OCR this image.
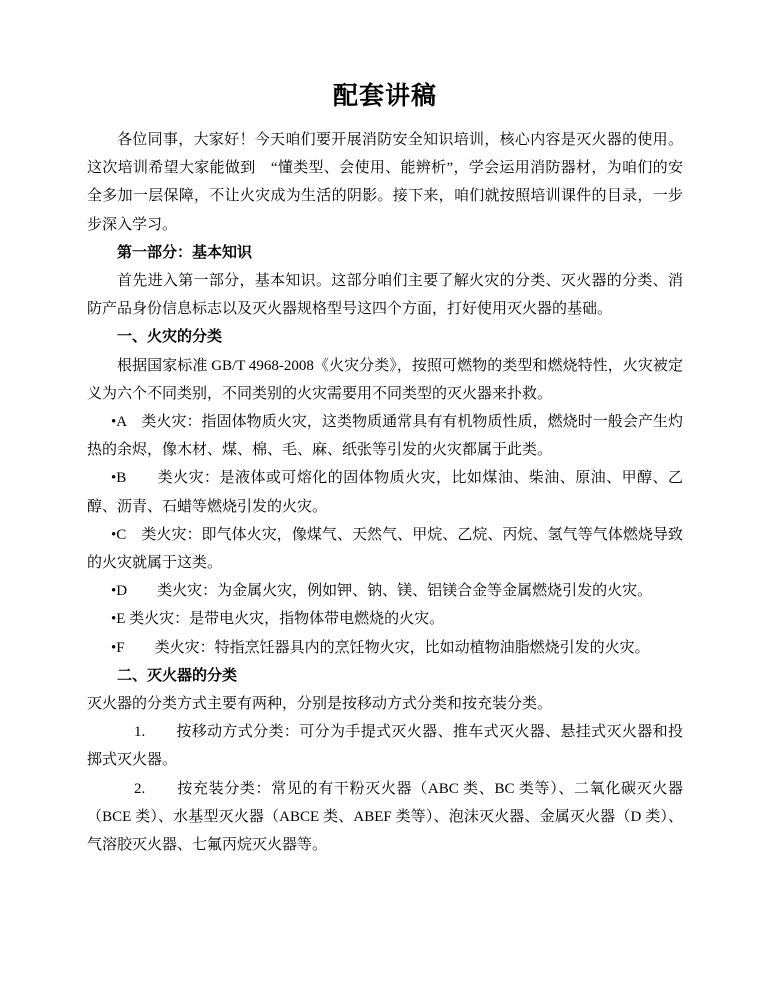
配套讲稿

各位同事，大家好！今天咱们要开展消防安全知识培训，核心内容是灭火器的使用。这次培训希望大家能做到　“懂类型、会使用、能辨析”，学会运用消防器材，为咱们的安全多加一层保障，不让火灾成为生活的阴影。接下来，咱们就按照培训课件的目录，一步步深入学习。

第一部分：基本知识

首先进入第一部分，基本知识。这部分咱们主要了解火灾的分类、灭火器的分类、消防产品身份信息标志以及灭火器规格型号这四个方面，打好使用灭火器的基础。

一、火灾的分类

根据国家标准 GB/T 4968-2008《火灾分类》，按照可燃物的类型和燃烧特性，火灾被定义为六个不同类别，不同类别的火灾需要用不同类型的灭火器来扑救。

•A　类火灾：指固体物质火灾，这类物质通常具有有机物质性质，燃烧时一般会产生灼热的余烬，像木材、煤、棉、毛、麻、纸张等引发的火灾都属于此类。

•B　　类火灾：是液体或可熔化的固体物质火灾，比如煤油、柴油、原油、甲醇、乙醇、沥青、石蜡等燃烧引发的火灾。

•C　类火灾：即气体火灾，像煤气、天然气、甲烷、乙烷、丙烷、氢气等气体燃烧导致的火灾就属于这类。

•D　　类火灾：为金属火灾，例如钾、钠、镁、铝镁合金等金属燃烧引发的火灾。

•E 类火灾：是带电火灾，指物体带电燃烧的火灾。

•F　　类火灾：特指烹饪器具内的烹饪物火灾，比如动植物油脂燃烧引发的火灾。

二、灭火器的分类

灭火器的分类方式主要有两种，分别是按移动方式分类和按充装分类。

1.　　按移动方式分类：可分为手提式灭火器、推车式灭火器、悬挂式灭火器和投掷式灭火器。

2.　　按充装分类：常见的有干粉灭火器（ABC 类、BC 类等）、二氧化碳灭火器（BCE 类）、水基型灭火器（ABCE 类、ABEF 类等）、泡沫灭火器、金属灭火器（D 类）、气溶胶灭火器、七氟丙烷灭火器等。
